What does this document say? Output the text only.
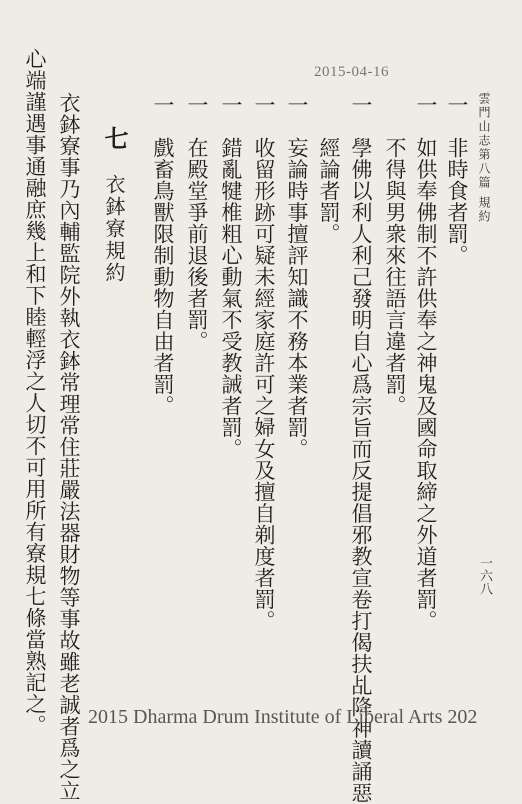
2015-04-16
雲門山志
第八篇
規約
一六八
一　非時食者罰。
一　如供奉佛制不許供奉之神鬼及國命取締之外道者罰。
　　不得與男衆來往語言違者罰。
一　學佛以利人利己發明自心爲宗旨而反提倡邪教宣卷打偈扶乩降神讀誦惡
　　經論者罰。
一　妄論時事擅評知識不務本業者罰。
一　收留形跡可疑未經家庭許可之婦女及擅自剃度者罰。
一　錯亂犍椎粗心動氣不受教誡者罰。
一　在殿堂爭前退後者罰。
一　戲畜鳥獸限制動物自由者罰。
七
衣鉢寮規約
衣鉢寮事乃內輔監院外執衣鉢常理常住莊嚴法器財物等事故雖老誠者爲之立
心端謹遇事通融庶幾上和下睦輕浮之人切不可用所有寮規七條當熟記之。 2015 Dharma Drum Institute of Liberal Arts 202
